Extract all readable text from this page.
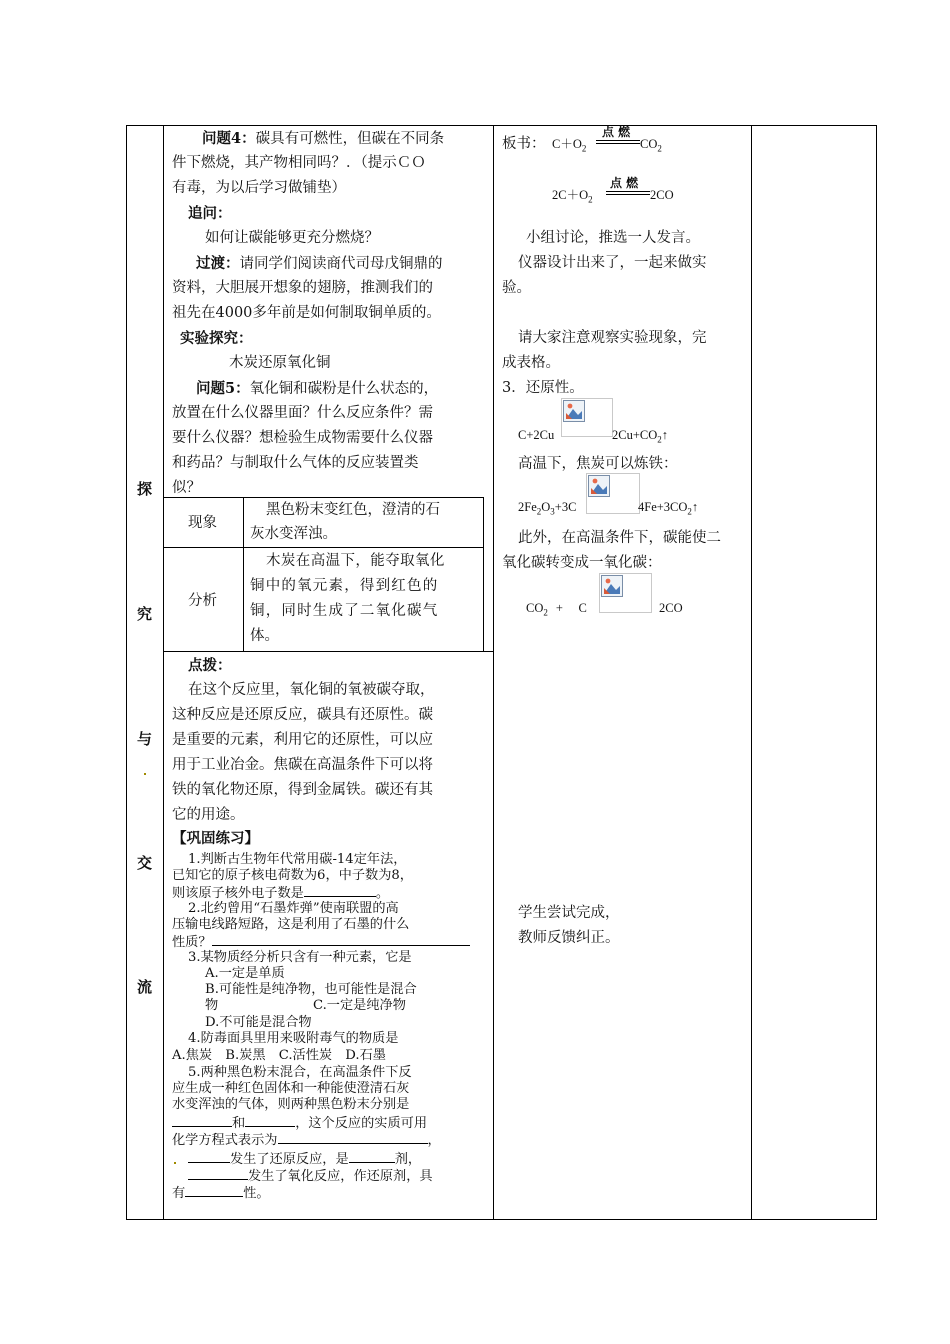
探
究
与
交
流
问题4：碳具有可燃性，但碳在不同条
件下燃烧，其产物相同吗？．（提示ＣＯ
有毒，为以后学习做铺垫）
追问：
如何让碳能够更充分燃烧？
过渡：请同学们阅读商代司母戊铜鼎的
资料，大胆展开想象的翅膀，推测我们的
祖先在4000多年前是如何制取铜单质的。
实验探究：
木炭还原氧化铜
问题5：氧化铜和碳粉是什么状态的，
放置在什么仪器里面？什么反应条件？需
要什么仪器？想检验生成物需要什么仪器
和药品？与制取什么气体的反应装置类
似？
现象
黑色粉末变红色，澄清的石
灰水变浑浊。
分析
木炭在高温下，能夺取氧化
铜中的氧元素，得到红色的
铜，同时生成了二氧化碳气
体。
点拨：
在这个反应里，氧化铜的氧被碳夺取，
这种反应是还原反应，碳具有还原性。碳
是重要的元素，利用它的还原性，可以应
用于工业冶金。焦碳在高温条件下可以将
铁的氧化物还原，得到金属铁。碳还有其
它的用途。
【巩固练习】
1.判断古生物年代常用碳-14定年法，
已知它的原子核电荷数为6，中子数为8，
则该原子核外电子数是	。
2.北约曾用“石墨炸弹”使南联盟的高
压输电线路短路，这是利用了石墨的什么
性质？
3.某物质经分析只含有一种元素，它是
A.一定是单质
B.可能性是纯净物，也可能性是混合
物	C.一定是纯净物
D.不可能是混合物
4.防毒面具里用来吸附毒气的物质是
A.焦炭　B.炭黑　C.活性炭　D.石墨
5.两种黑色粉末混合，在高温条件下反
应生成一种红色固体和一种能使澄清石灰
水变浑浊的气体，则两种黑色粉末分别是
和	，这个反应的实质可用
化学方程式表示为	，
发生了还原反应，是	剂，
发生了氧化反应，作还原剂，具
有	性。
板书： $C+O_2$
点 燃
$CO_2$
$2C+O_2$
点 燃
2CO
小组讨论，推选一人发言。
仪器设计出来了，一起来做实
验。
请大家注意观察实验现象，完
成表格。
3．还原性。
C+2Cu	$2Cu+CO_2↑$
高温下，焦炭可以炼铁：
$2Fe_2O_3+3C$	$4Fe+3CO_2↑$
此外，在高温条件下，碳能使二
氧化碳转变成一氧化碳：
$CO_2$ +　 C	2CO
学生尝试完成，
教师反馈纠正。
